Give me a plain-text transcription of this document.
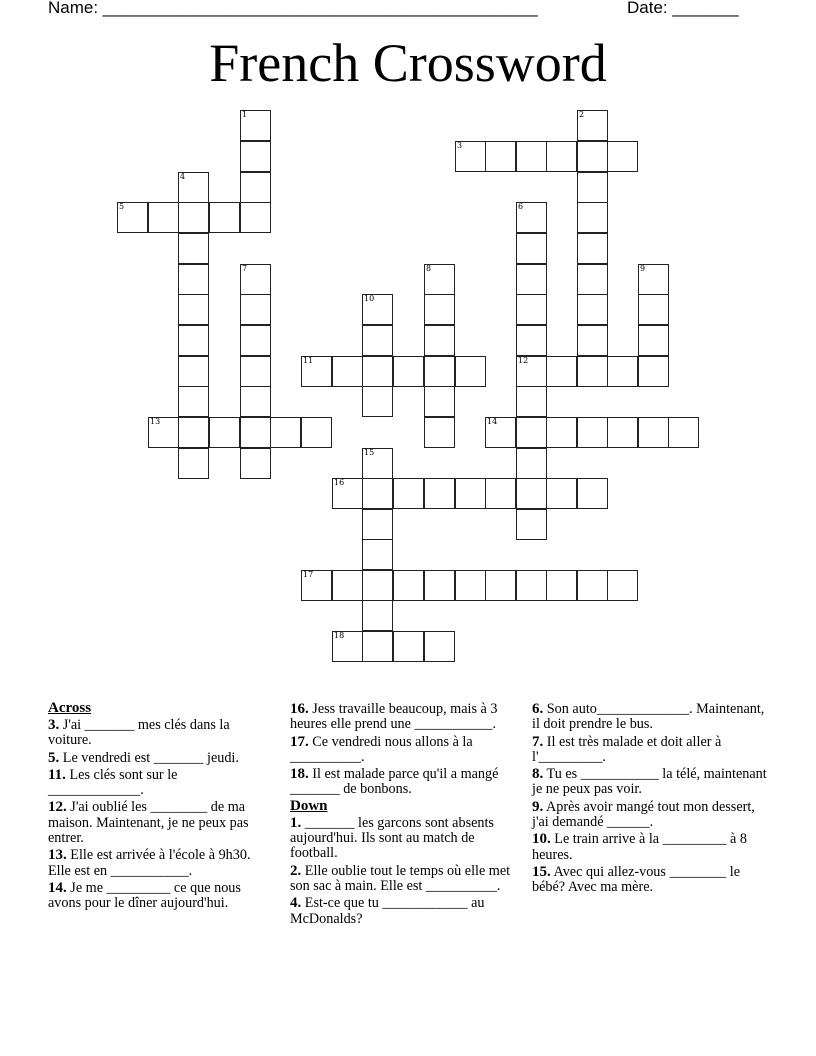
Name: ______________________________________________	Date: _______
French Crossword
1	2
3
4
5	6
7	8	9
10
11	12
13	14
15
16
17
18
Across
3. J'ai _______ mes clés dans la voiture.
5. Le vendredi est _______ jeudi.
11. Les clés sont sur le _____________.
12. J'ai oublié les ________ de ma maison. Maintenant, je ne peux pas entrer.
13. Elle est arrivée à l'école à 9h30. Elle est en ___________.
14. Je me _________ ce que nous avons pour le dîner aujourd'hui.
16. Jess travaille beaucoup, mais à 3 heures elle prend une ___________.
17. Ce vendredi nous allons à la __________.
18. Il est malade parce qu'il a mangé _______ de bonbons.
Down
1. _______ les garcons sont absents aujourd'hui. Ils sont au match de football.
2. Elle oublie tout le temps où elle met son sac à main. Elle est __________.
4. Est-ce que tu ____________ au McDonalds?
6. Son auto_____________. Maintenant, il doit prendre le bus.
7. Il est très malade et doit aller à l'_________.
8. Tu es ___________ la télé, maintenant je ne peux pas voir.
9. Après avoir mangé tout mon dessert, j'ai demandé ______.
10. Le train arrive à la _________ à 8 heures.
15. Avec qui allez-vous ________ le bébé? Avec ma mère.
